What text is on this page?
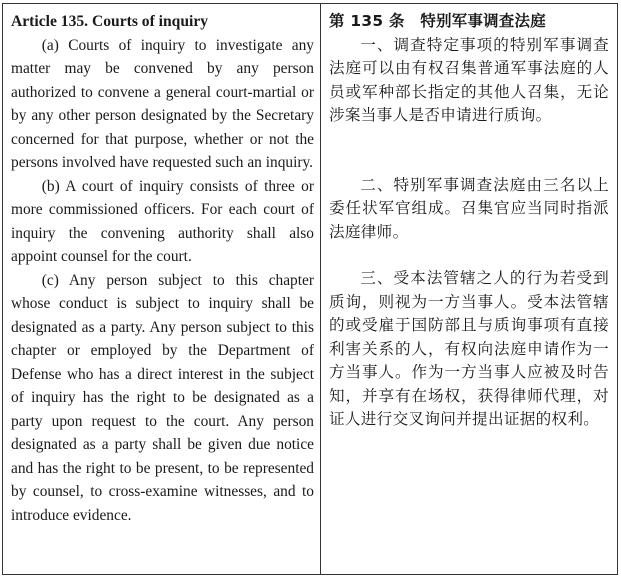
Article 135. Courts of inquiry

(a) Courts of inquiry to investigate any matter may be convened by any person authorized to convene a general court-martial or by any other person designated by the Secretary concerned for that purpose, whether or not the persons involved have requested such an inquiry.

(b) A court of inquiry consists of three or more commissioned officers. For each court of inquiry the convening authority shall also appoint counsel for the court.

(c) Any person subject to this chapter whose conduct is subject to inquiry shall be designated as a party. Any person subject to this chapter or employed by the Department of Defense who has a direct interest in the subject of inquiry has the right to be designated as a party upon request to the court. Any person designated as a party shall be given due notice and has the right to be present, to be represented by counsel, to cross-examine witnesses, and to introduce evidence.

第 135 条　特别军事调查法庭

一、调查特定事项的特别军事调查法庭可以由有权召集普通军事法庭的人员或军种部长指定的其他人召集，无论涉案当事人是否申请进行质询。

二、特别军事调查法庭由三名以上委任状军官组成。召集官应当同时指派法庭律师。

三、受本法管辖之人的行为若受到质询，则视为一方当事人。受本法管辖的或受雇于国防部且与质询事项有直接利害关系的人，有权向法庭申请作为一方当事人。作为一方当事人应被及时告知，并享有在场权，获得律师代理，对证人进行交叉询问并提出证据的权利。
